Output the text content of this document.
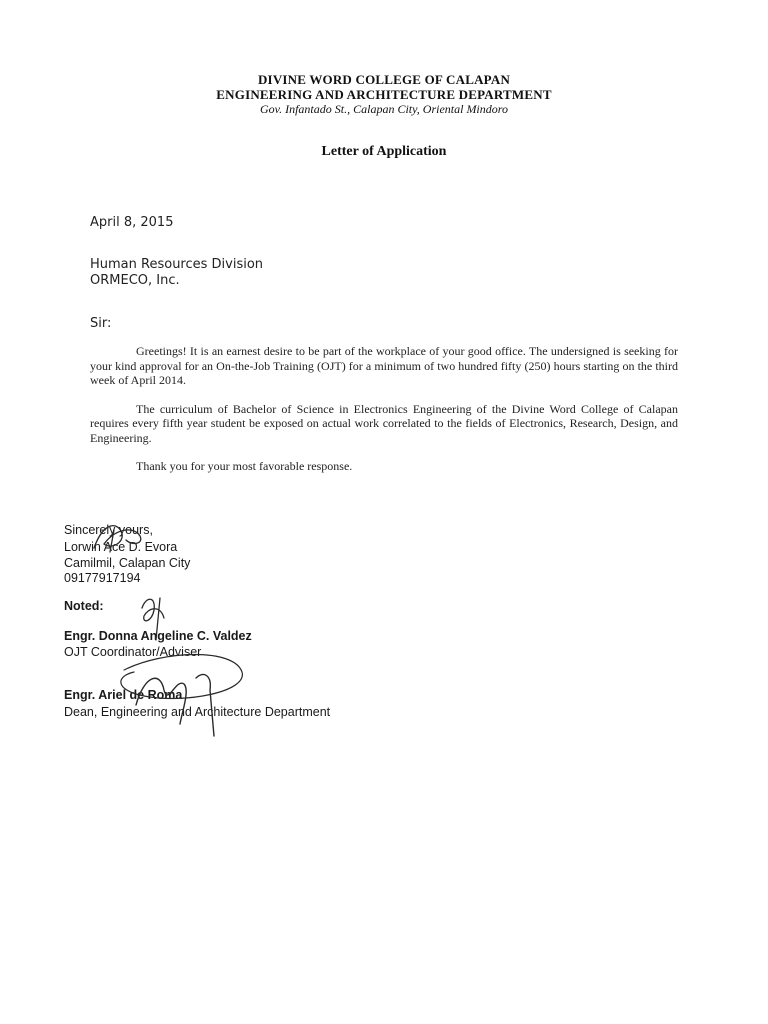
DIVINE WORD COLLEGE OF CALAPAN
ENGINEERING AND ARCHITECTURE DEPARTMENT
Gov. Infantado St., Calapan City, Oriental Mindoro
Letter of Application
April 8, 2015
Human Resources Division
ORMECO, Inc.
Sir:

Greetings! It is an earnest desire to be part of the workplace of your good office. The undersigned is seeking for your kind approval for an On-the-Job Training (OJT) for a minimum of two hundred fifty (250) hours starting on the third week of April 2014.

The curriculum of Bachelor of Science in Electronics Engineering of the Divine Word College of Calapan requires every fifth year student be exposed on actual work correlated to the fields of Electronics, Research, Design, and Engineering.

Thank you for your most favorable response.

Sincerely yours,
Lorwin Ace D. Evora
Camilmil, Calapan City
09177917194
Noted:
Engr. Donna Angeline C. Valdez
OJT Coordinator/Adviser
Engr. Ariel de Roma
Dean, Engineering and Architecture Department
